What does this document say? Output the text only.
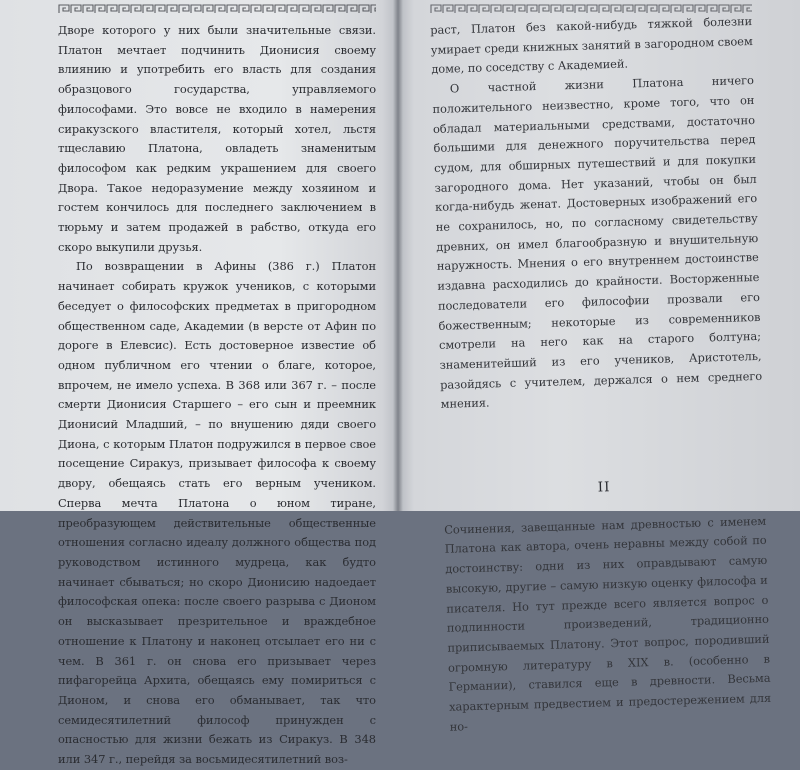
Дворе которого у них были значительные связи. Платон мечтает подчинить Дионисия своему влиянию и употребить его власть для создания образцового государства, управляемого философами. Это вовсе не входило в намерения сиракузского властителя, который хотел, льстя тщеславию Платона, овладеть знаменитым философом как редким украшением для своего Двора. Такое недоразумение между хозяином и гостем кончилось для последнего заключением в тюрьму и затем продажей в рабство, откуда его скоро выкупили друзья.

По возвращении в Афины (386 г.) Платон начинает собирать кружок учеников, с которыми беседует о философских предметах в пригородном общественном саде, Академии (в версте от Афин по дороге в Елевсис). Есть достоверное известие об одном публичном его чтении о благе, которое, впрочем, не имело успеха. В 368 или 367 г. – после смерти Дионисия Старшего – его сын и преемник Дионисий Младший, – по внушению дяди своего Диона, с которым Платон подружился в первое свое посещение Сиракуз, призывает философа к своему двору, обещаясь стать его верным учеником. Сперва мечта Платона о юном тиране, преобразующем действительные общественные отношения согласно идеалу должного общества под руководством истинного мудреца, как будто начинает сбываться; но скоро Дионисию надоедает философская опека: после своего разрыва с Дионом он высказывает презрительное и враждебное отношение к Платону и наконец отсылает его ни с чем. В 361 г. он снова его призывает через пифагорейца Архита, обещаясь ему помириться с Дионом, и снова его обманывает, так что семидесятилетний философ принужден с опасностью для жизни бежать из Сиракуз. В 348 или 347 г., перейдя за восьмидесятилетний воз-

раст, Платон без какой-нибудь тяжкой болезни умирает среди книжных занятий в загородном своем доме, по соседству с Академией.

О частной жизни Платона ничего положительного неизвестно, кроме того, что он обладал материальными средствами, достаточно большими для денежного поручительства перед судом, для обширных путешествий и для покупки загородного дома. Нет указаний, чтобы он был когда-нибудь женат. Достоверных изображений его не сохранилось, но, по согласному свидетельству древних, он имел благообразную и внушительную наружность. Мнения о его внутреннем достоинстве издавна расходились до крайности. Восторженные последователи его философии прозвали его божественным; некоторые из современников смотрели на него как на старого болтуна; знаменитейший из его учеников, Аристотель, разойдясь с учителем, держался о нем среднего мнения.

II

Сочинения, завещанные нам древностью с именем Платона как автора, очень неравны между собой по достоинству: одни из них оправдывают самую высокую, другие – самую низкую оценку философа и писателя. Но тут прежде всего является вопрос о подлинности произведений, традиционно приписываемых Платону. Этот вопрос, породивший огромную литературу в XIX в. (особенно в Германии), ставился еще в древности. Весьма характерным предвестием и предостережением для но-
